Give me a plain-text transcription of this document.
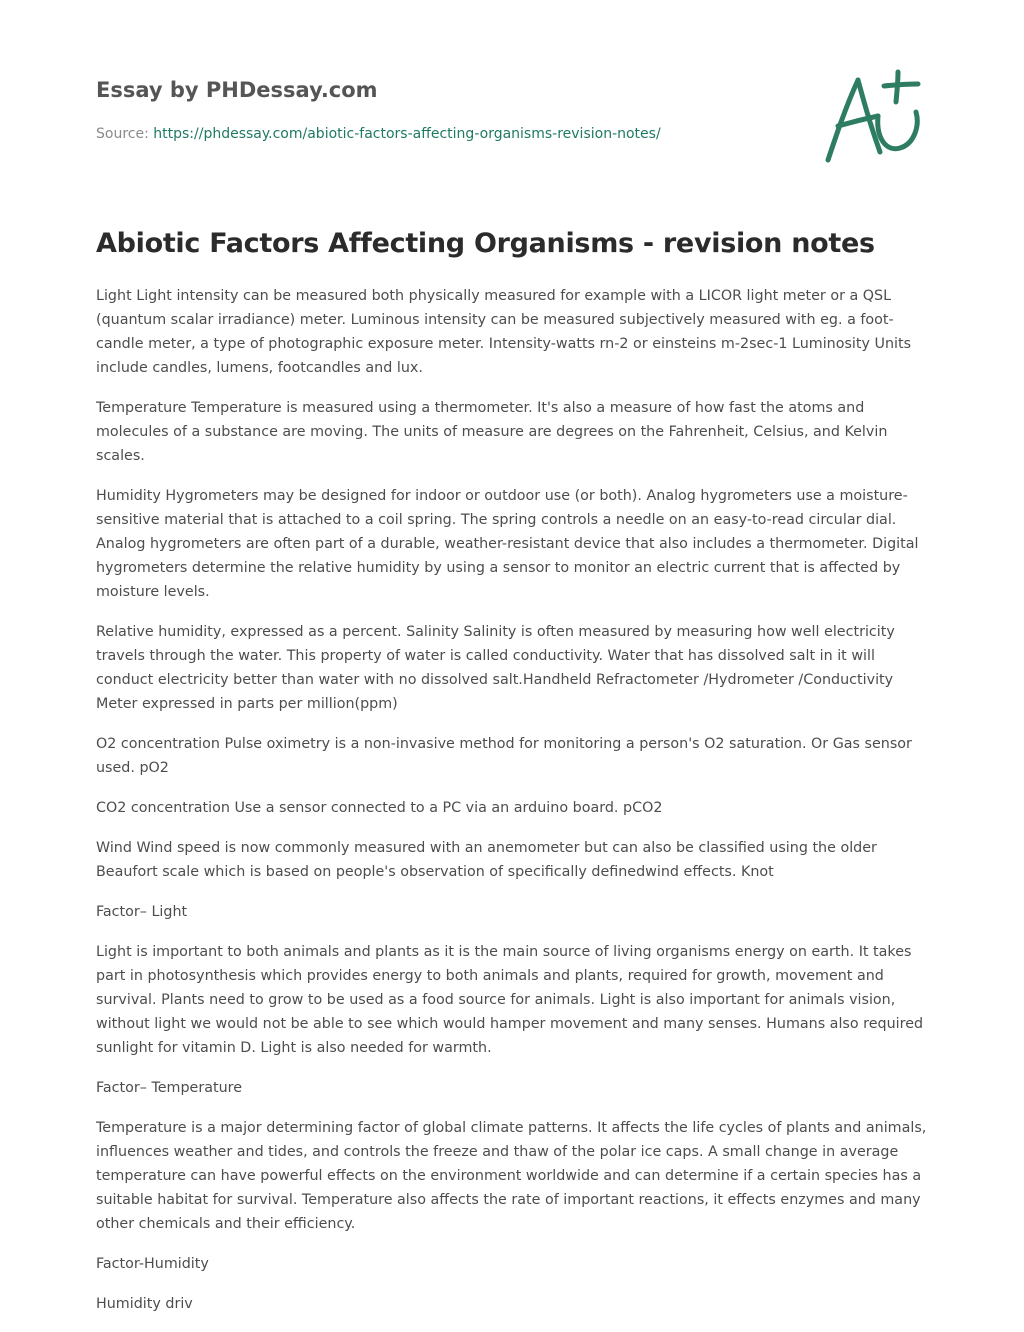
Essay by PHDessay.com
Source: https://phdessay.com/abiotic-factors-affecting-organisms-revision-notes/
Abiotic Factors Affecting Organisms - revision notes

Light Light intensity can be measured both physically measured for example with a LICOR light meter or a QSL (quantum scalar irradiance) meter. Luminous intensity can be measured subjectively measured with eg. a foot-candle meter, a type of photographic exposure meter. Intensity-watts rn-2 or einsteins m-2sec-1 Luminosity Units include candles, lumens, footcandles and lux.

Temperature Temperature is measured using a thermometer. It's also a measure of how fast the atoms and molecules of a substance are moving. The units of measure are degrees on the Fahrenheit, Celsius, and Kelvin scales.

Humidity Hygrometers may be designed for indoor or outdoor use (or both). Analog hygrometers use a moisture-sensitive material that is attached to a coil spring. The spring controls a needle on an easy-to-read circular dial. Analog hygrometers are often part of a durable, weather-resistant device that also includes a thermometer. Digital hygrometers determine the relative humidity by using a sensor to monitor an electric current that is affected by moisture levels.

Relative humidity, expressed as a percent. Salinity Salinity is often measured by measuring how well electricity travels through the water. This property of water is called conductivity. Water that has dissolved salt in it will conduct electricity better than water with no dissolved salt.Handheld Refractometer /Hydrometer /Conductivity Meter expressed in parts per million(ppm)

O2 concentration Pulse oximetry is a non-invasive method for monitoring a person's O2 saturation. Or Gas sensor used. pO2

CO2 concentration Use a sensor connected to a PC via an arduino board. pCO2

Wind Wind speed is now commonly measured with an anemometer but can also be classified using the older Beaufort scale which is based on people's observation of specifically definedwind effects. Knot

Factor– Light

Light is important to both animals and plants as it is the main source of living organisms energy on earth. It takes part in photosynthesis which provides energy to both animals and plants, required for growth, movement and survival. Plants need to grow to be used as a food source for animals. Light is also important for animals vision, without light we would not be able to see which would hamper movement and many senses. Humans also required sunlight for vitamin D. Light is also needed for warmth.

Factor– Temperature

Temperature is a major determining factor of global climate patterns. It affects the life cycles of plants and animals, influences weather and tides, and controls the freeze and thaw of the polar ice caps. A small change in average temperature can have powerful effects on the environment worldwide and can determine if a certain species has a suitable habitat for survival. Temperature also affects the rate of important reactions, it effects enzymes and many other chemicals and their efficiency.

Factor-Humidity

Humidity driv
